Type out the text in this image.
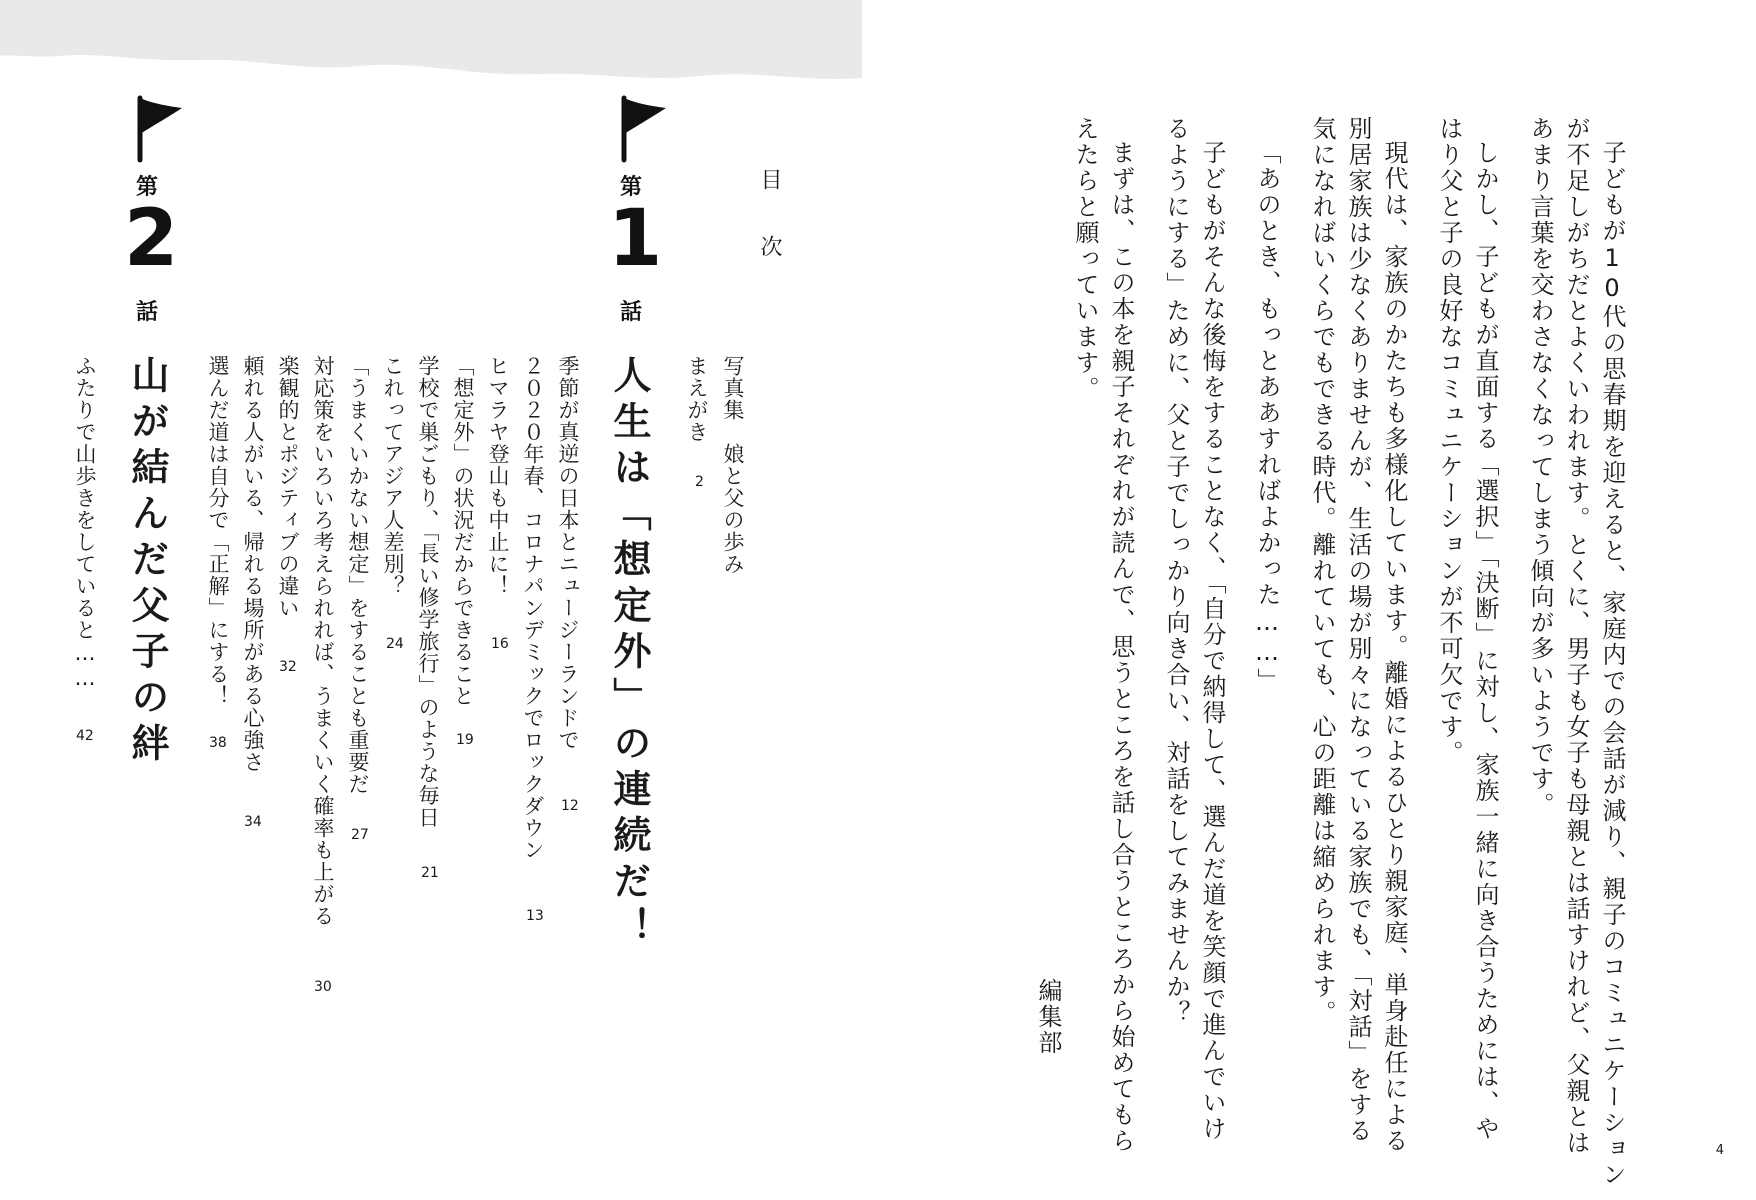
目 次
写真集　娘と父の歩み
まえがき
2
第
1
話
人生は「想定外」の連続だ！
季節が真逆の日本とニュージーランドで
12
２０２０年春、コロナパンデミックでロックダウン
13
ヒマラヤ登山も中止に！
16
「想定外」の状況だからできること
19
学校で巣ごもり、「長い修学旅行」のような毎日
21
これってアジア人差別？
24
「うまくいかない想定」をすることも重要だ
27
対応策をいろいろ考えられれば、うまくいく確率も上がる
30
楽観的とポジティブの違い
32
頼れる人がいる、帰れる場所がある心強さ
34
選んだ道は自分で「正解」にする！
38
第
2
話
山が結んだ父子の絆
ふたりで山歩きをしていると……
42	子どもが10代の思春期を迎えると、家庭内での会話が減り、親子のコミュニケーション
が不足しがちだとよくいわれます。とくに、男子も女子も母親とは話すけれど、父親とは
あまり言葉を交わさなくなってしまう傾向が多いようです。
しかし、子どもが直面する「選択」「決断」に対し、家族一緒に向き合うためには、や
はり父と子の良好なコミュニケーションが不可欠です。
現代は、家族のかたちも多様化しています。離婚によるひとり親家庭、単身赴任による
別居家族は少なくありませんが、生活の場が別々になっている家族でも、「対話」をする
気になればいくらでもできる時代。離れていても、心の距離は縮められます。
「あのとき、もっとああすればよかった……」
子どもがそんな後悔をすることなく、「自分で納得して、選んだ道を笑顔で進んでいけ
るようにする」ために、父と子でしっかり向き合い、対話をしてみませんか？
まずは、この本を親子それぞれが読んで、思うところを話し合うところから始めてもら
えたらと願っています。
編集部
4
